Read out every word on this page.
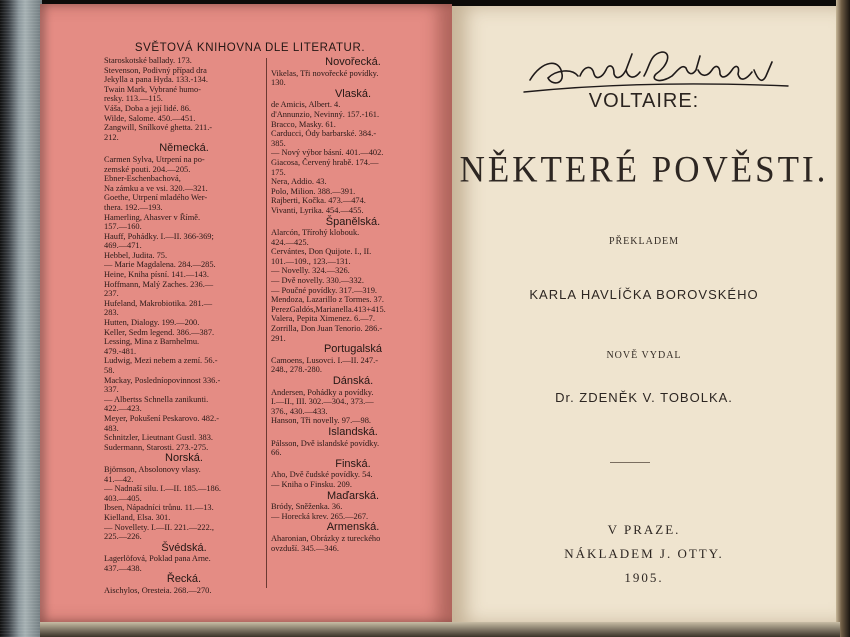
SVĚTOVÁ KNIHOVNA DLE LITERATUR.
Staroskotské ballady. 173.
Stevenson, Podivný případ dra
Jekylla a pana Hyda. 133.-134.
Twain Mark, Vybrané humo-
resky. 113.—115.
Váša, Doba a její lidé. 86.
Wilde, Salome. 450.—451.
Zangwill, Snílkové ghetta. 211.-
212.
Německá.
Carmen Sylva, Utrpení na po-
zemské pouti. 204.—205.
Ebner-Eschenbachová,
Na zámku a ve vsi. 320.—321.
Goethe, Utrpení mladého Wer-
thera. 192.—193.
Hamerling, Ahasver v Římě.
157.—160.
Hauff, Pohádky. I.—II. 366-369;
469.—471.
Hebbel, Judita. 75.
— Marie Magdalena. 284.—285.
Heine, Kniha písní. 141.—143.
Hoffmann, Malý Zaches. 236.—
237.
Hufeland, Makrobiotika. 281.—
283.
Hutten, Dialogy. 199.—200.
Keller, Sedm legend. 386.—387.
Lessing, Mina z Barnhelmu.
479.-481.
Ludwig, Mezi nebem a zemí. 56.-
58.
Mackay, Posledníopovinnost 336.-
337.
— Albertss Schnella zanikunti.
422.—423.
Meyer, Pokušení Peskarovo. 482.-
483.
Schnitzler, Lieutnant Gustl. 383.
Sudermann, Starosti. 273.-275.
Norská.
Björnson, Absolonovy vlasy.
41.—42.
— Nadnaší silu. I.—II. 185.—186.
403.—405.
Ibsen, Nápadníci trůnu. 11.—13.
Kielland, Elsa. 301.
— Novellety. I.—II. 221.—222.,
225.—226.
Švédská.
Lagerlöfová, Poklad pana Arne.
437.—438.
Řecká.
Aischylos, Oresteia. 268.—270.
Novořecká.
Vikelas, Tři novořecké povídky.
130.
Vlaská.
de Amicis, Albert. 4.
d'Annunzio, Nevinný. 157.-161.
Bracco, Masky. 61.
Carducci, Ódy barbarské. 384.-
385.
— Nový výbor básní. 401.—402.
Giacosa, Červený hrabě. 174.—
175.
Nera, Addio. 43.
Polo, Milion. 388.—391.
Rajberti, Kočka. 473.—474.
Vivanti, Lyrika. 454.—455.
Španělská.
Alarcón, Třírohý klobouk.
424.—425.
Cervántes, Don Quijote. I., II.
101.—109., 123.—131.
— Novelly. 324.—326.
— Dvě novelly. 330.—332.
— Poučné povídky. 317.—319.
Mendoza, Lazarillo z Tormes. 37.
PerezGaldós,Marianella.413+415.
Valera, Pepita Ximenez. 6.—7.
Zorrilla, Don Juan Tenorio. 286.-
291.
Portugalská
Camoens, Lusovci. I.—II. 247.-
248., 278.-280.
Dánská.
Andersen, Pohádky a povídky.
I.—II., III. 302.—304., 373.—
376., 430.—433.
Hanson, Tři novelly. 97.—98.
Islandská.
Pálsson, Dvě islandské povídky.
66.
Finská.
Aho, Dvě čudské povídky. 54.
— Kniha o Finsku. 209.
Maďarská.
Bródy, Sněženka. 36.
— Horecká krev. 265.—267.
Armenská.
Aharonian, Obrázky z tureckého
ovzduší. 345.—346.
VOLTAIRE:
NĚKTERÉ POVĚSTI.
PŘEKLADEM
KARLA HAVLÍČKA BOROVSKÉHO
NOVĚ VYDAL
Dr. ZDENĚK V. TOBOLKA.
V PRAZE.
NÁKLADEM J. OTTY.
1905.
